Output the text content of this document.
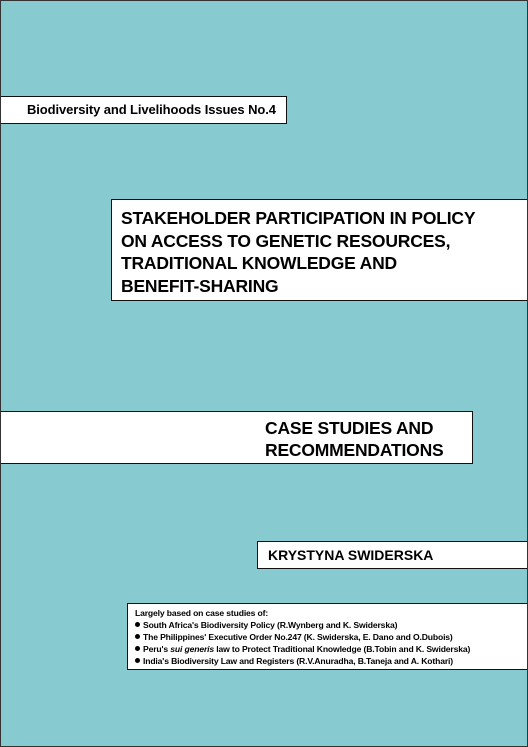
Biodiversity and Livelihoods Issues No.4
STAKEHOLDER PARTICIPATION IN POLICY
ON ACCESS TO GENETIC RESOURCES,
TRADITIONAL KNOWLEDGE AND
BENEFIT-SHARING
CASE STUDIES AND
RECOMMENDATIONS
KRYSTYNA SWIDERSKA
Largely based on case studies of:
South Africa's Biodiversity Policy (R.Wynberg and K. Swiderska)
The Philippines' Executive Order No.247 (K. Swiderska, E. Dano and O.Dubois)
Peru's sui generis law to Protect Traditional Knowledge (B.Tobin and K. Swiderska)
India's Biodiversity Law and Registers (R.V.Anuradha, B.Taneja and A. Kothari)
